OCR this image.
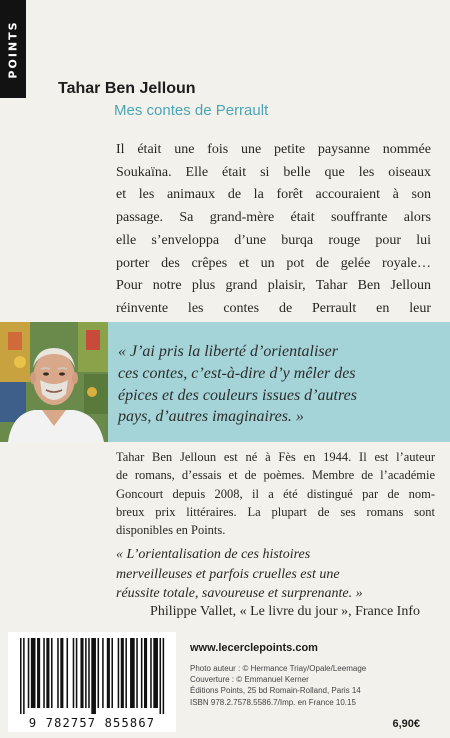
POINTS
Tahar Ben Jelloun
Mes contes de Perrault
Il était une fois une petite paysanne nommée
Soukaïna. Elle était si belle que les oiseaux
et les animaux de la forêt accouraient à son
passage. Sa grand-mère était souffrante alors
elle s’enveloppa d’une burqa rouge pour lui
porter des crêpes et un pot de gelée royale…
Pour notre plus grand plaisir, Tahar Ben Jelloun
réinvente les contes de Perrault en leur
« J’ai pris la liberté d’orientaliser
ces contes, c’est-à-dire d’y mêler des
épices et des couleurs issues d’autres
pays, d’autres imaginaires. »
Tahar Ben Jelloun est né à Fès en 1944. Il est l’auteur
de romans, d’essais et de poèmes. Membre de l’académie
Goncourt depuis 2008, il a été distingué par de nom-
breux prix littéraires. La plupart de ses romans sont
disponibles en Points.
« L’orientalisation de ces histoires
merveilleuses et parfois cruelles est une
réussite totale, savoureuse et surprenante. »
Philippe Vallet, « Le livre du jour », France Info
9 782757 855867
www.lecerclepoints.com
Photo auteur : © Hermance Triay/Opale/Leemage
Couverture : © Emmanuel Kerner
Éditions Points, 25 bd Romain-Rolland, Paris 14
ISBN 978.2.7578.5586.7/Imp. en France 10.15
6,90€
